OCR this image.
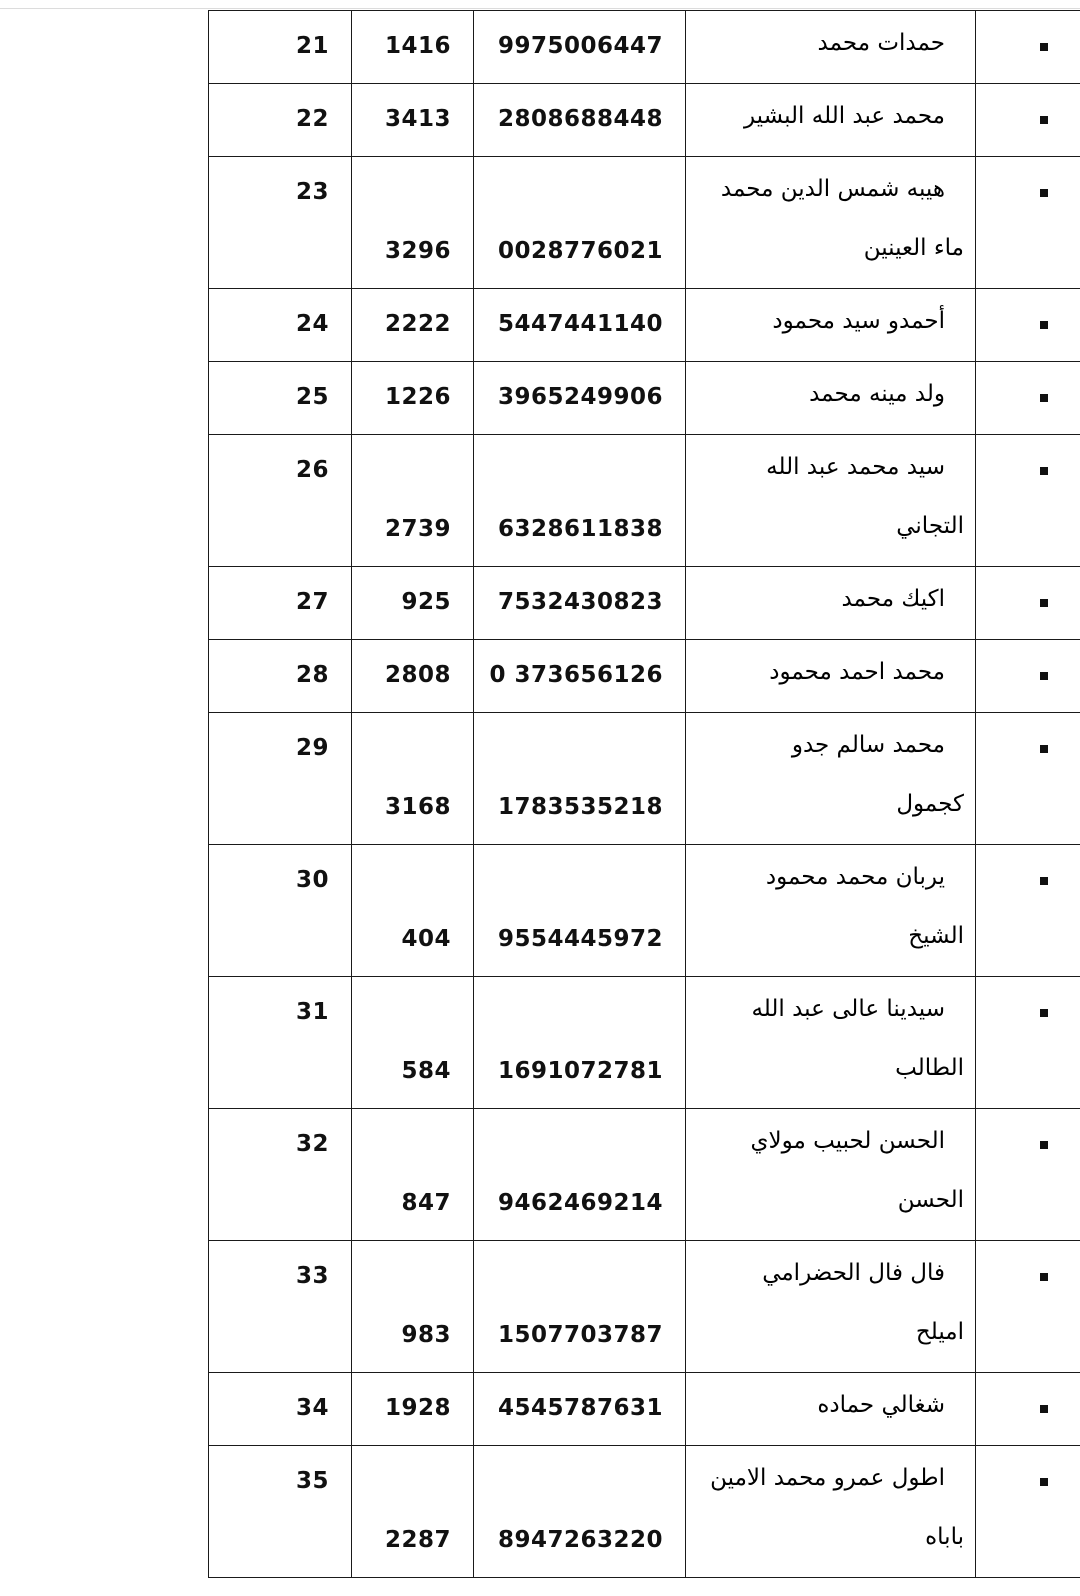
21	1416	9975006447	حمدات محمد	

22	3413	2808688448	محمد عبد الله البشير	

23	3296	0028776021	هيبه شمس الدين محمد
ماء العينين	

24	2222	5447441140	أحمدو سيد محمود	

25	1226	3965249906	ولد مينه محمد	

26	2739	6328611838	سيد محمد عبد الله
التجاني	

27	925	7532430823	اكيك محمد	

28	2808	0 373656126	محمد احمد محمود	

29	3168	1783535218	محمد سالم جدو
كجمول	

30	404	9554445972	يربان محمد محمود
الشيخ	

31	584	1691072781	سيدينا عالى عبد الله
الطالب	

32	847	9462469214	الحسن لحبيب مولاي
الحسن	

33	983	1507703787	فال فال الحضرامي
اميلح	

34	1928	4545787631	شغالي حماده	

35	2287	8947263220	اطول عمرو محمد الامين
باباه	
